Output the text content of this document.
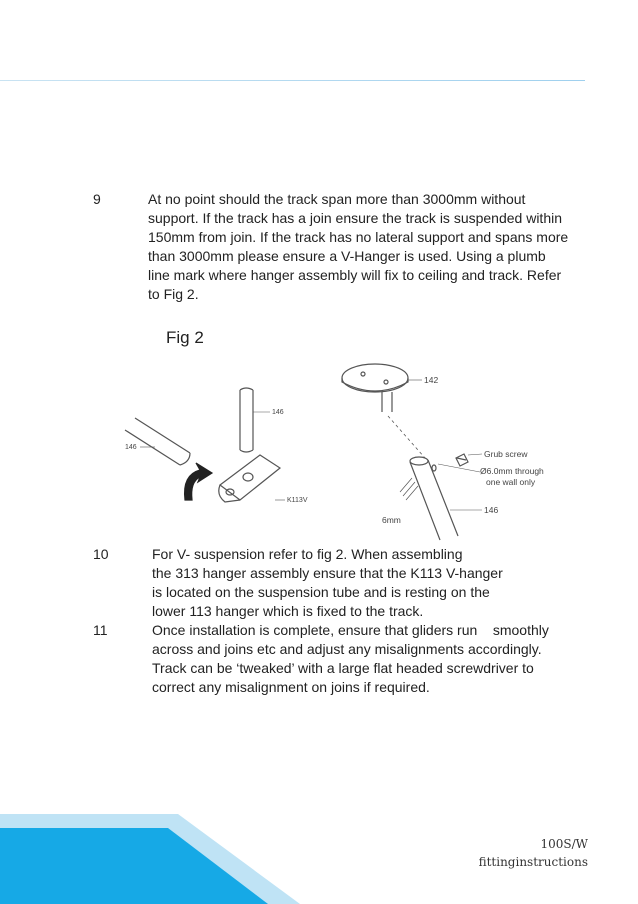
9	At no point should the track span more than 3000mm without
support. If the track has a join ensure the track is suspended within
150mm from join. If the track has no lateral support and spans more
than 3000mm please ensure a V-Hanger is used. Using a plumb
line mark where hanger assembly will fix to ceiling and track. Refer
to Fig 2.
Fig 2
146
146
K113V
142
Grub screw
Ø6.0mm through
one wall only
146
6mm
10	For V- suspension refer to fig 2. When assembling
the 313 hanger assembly ensure that the K113 V-hanger
is located on the suspension tube and is resting on the
lower 113 hanger which is fixed to the track.
11	Once installation is complete, ensure that gliders run    smoothly
across and joins etc and adjust any misalignments accordingly.
Track can be ‘tweaked’ with a large flat headed screwdriver to
correct any misalignment on joins if required.
100S/W
fittinginstructions
